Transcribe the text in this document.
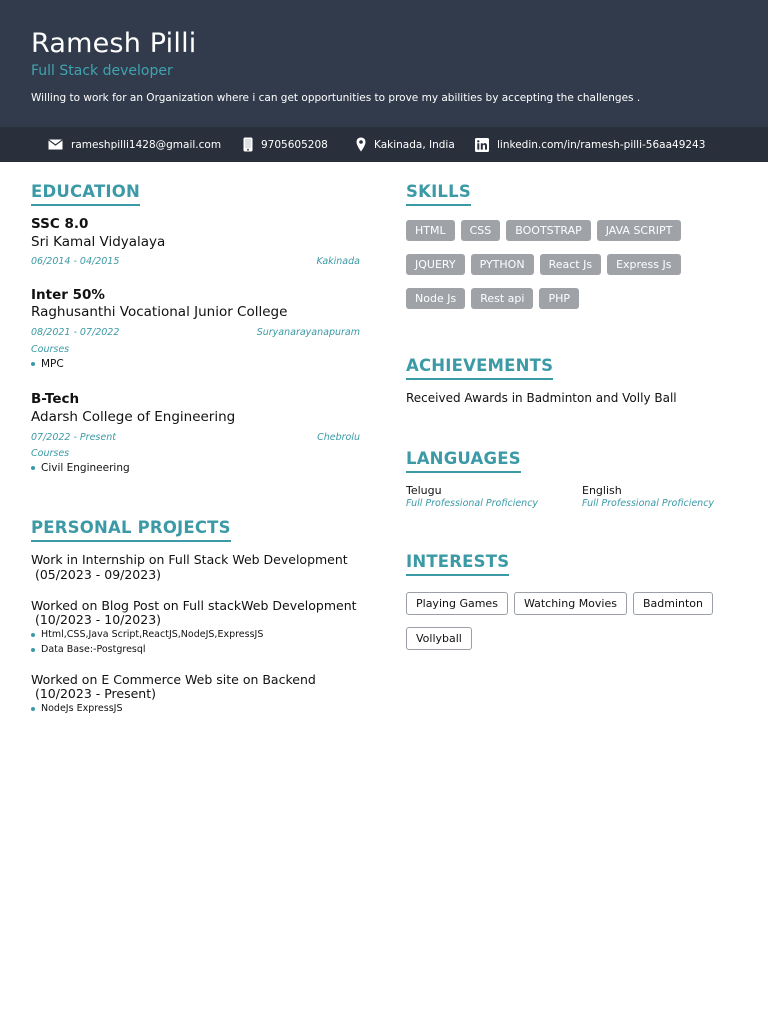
Ramesh Pilli
Full Stack developer
Willing to work for an Organization where i can get opportunities to prove my abilities by accepting the challenges .
rameshpilli1428@gmail.com	9705605208	Kakinada, India	linkedin.com/in/ramesh-pilli-56aa49243
EDUCATION
SSC 8.0
Sri Kamal Vidyalaya
06/2014 - 04/2015	Kakinada
Inter 50%
Raghusanthi Vocational Junior College
08/2021 - 07/2022	Suryanarayanapuram
Courses
MPC
B-Tech
Adarsh College of Engineering
07/2022 - Present	Chebrolu
Courses
Civil Engineering
PERSONAL PROJECTS
Work in Internship on Full Stack Web Development
(05/2023 - 09/2023)
Worked on Blog Post on Full stackWeb Development
(10/2023 - 10/2023)
Html,CSS,Java Script,ReactJS,NodeJS,ExpressJS
Data Base:-Postgresql
Worked on E Commerce Web site on Backend
(10/2023 - Present)
NodeJs ExpressJS
SKILLS
HTML	CSS	BOOTSTRAP	JAVA SCRIPT
JQUERY	PYTHON	React Js	Express Js
Node Js	Rest api	PHP
ACHIEVEMENTS
Received Awards in Badminton and Volly Ball
LANGUAGES
Telugu
Full Professional Proficiency
English
Full Professional Proficiency
INTERESTS
Playing Games	Watching Movies	Badminton
Vollyball
